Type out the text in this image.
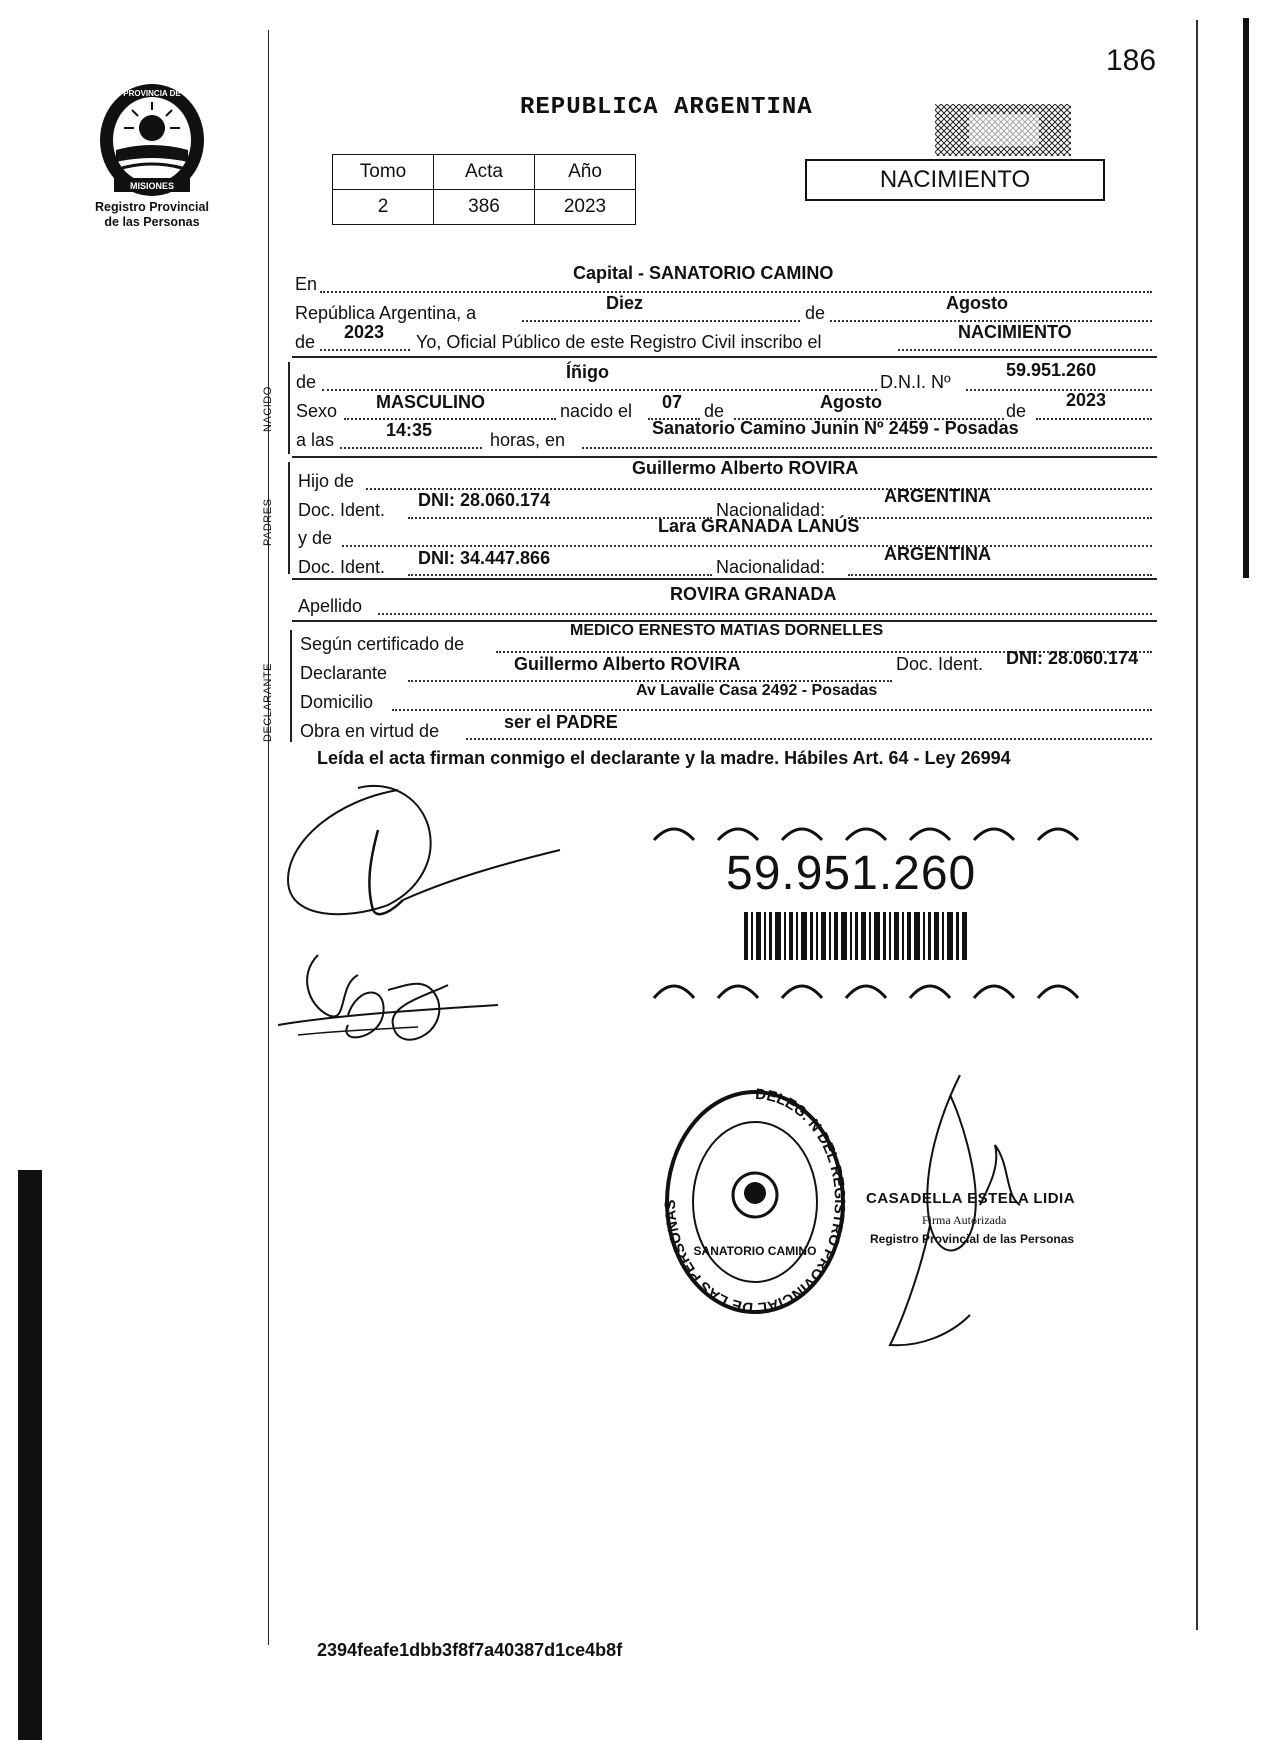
186
MISIONES
PROVINCIA DE
Registro Provincial
de las Personas
REPUBLICA ARGENTINA
Tomo	Acta	Año
2	386	2023
NACIMIENTO
En
Capital - SANATORIO CAMINO
República Argentina, a	Diez	de	Agosto
de 2023 Yo, Oficial Público de este Registro Civil inscribo el	NACIMIENTO
NACIDO
de	Íñigo	D.N.I. Nº
59.951.260
Sexo MASCULINO	nacido el 07 de	Agosto	de
2023
a las	14:35	horas, en
Sanatorio Camino Junin Nº 2459 - Posadas
PADRES
Hijo de
Guillermo Alberto ROVIRA
Doc. Ident. DNI: 28.060.174	Nacionalidad:
ARGENTINA
y de
Lara GRANADA LANÚS
Doc. Ident. DNI: 34.447.866	Nacionalidad:
ARGENTINA
Apellido
ROVIRA GRANADA
DECLARANTE
Según certificado de
MEDICO ERNESTO MATIAS DORNELLES
Declarante	Guillermo Alberto ROVIRA	Doc. Ident. DNI: 28.060.174
Domicilio
Av Lavalle Casa 2492 - Posadas
Obra en virtud de	ser el PADRE
Leída el acta firman conmigo el declarante y la madre. Hábiles Art. 64 - Ley 26994
59.951.260
DELEG. N DEL REGISTRO PROVINCIAL DE LAS PERSONAS
SANATORIO CAMINO
CASADELLA ESTELA LIDIA
Firma Autorizada
Registro Provincial de las Personas
2394feafe1dbb3f8f7a40387d1ce4b8f
